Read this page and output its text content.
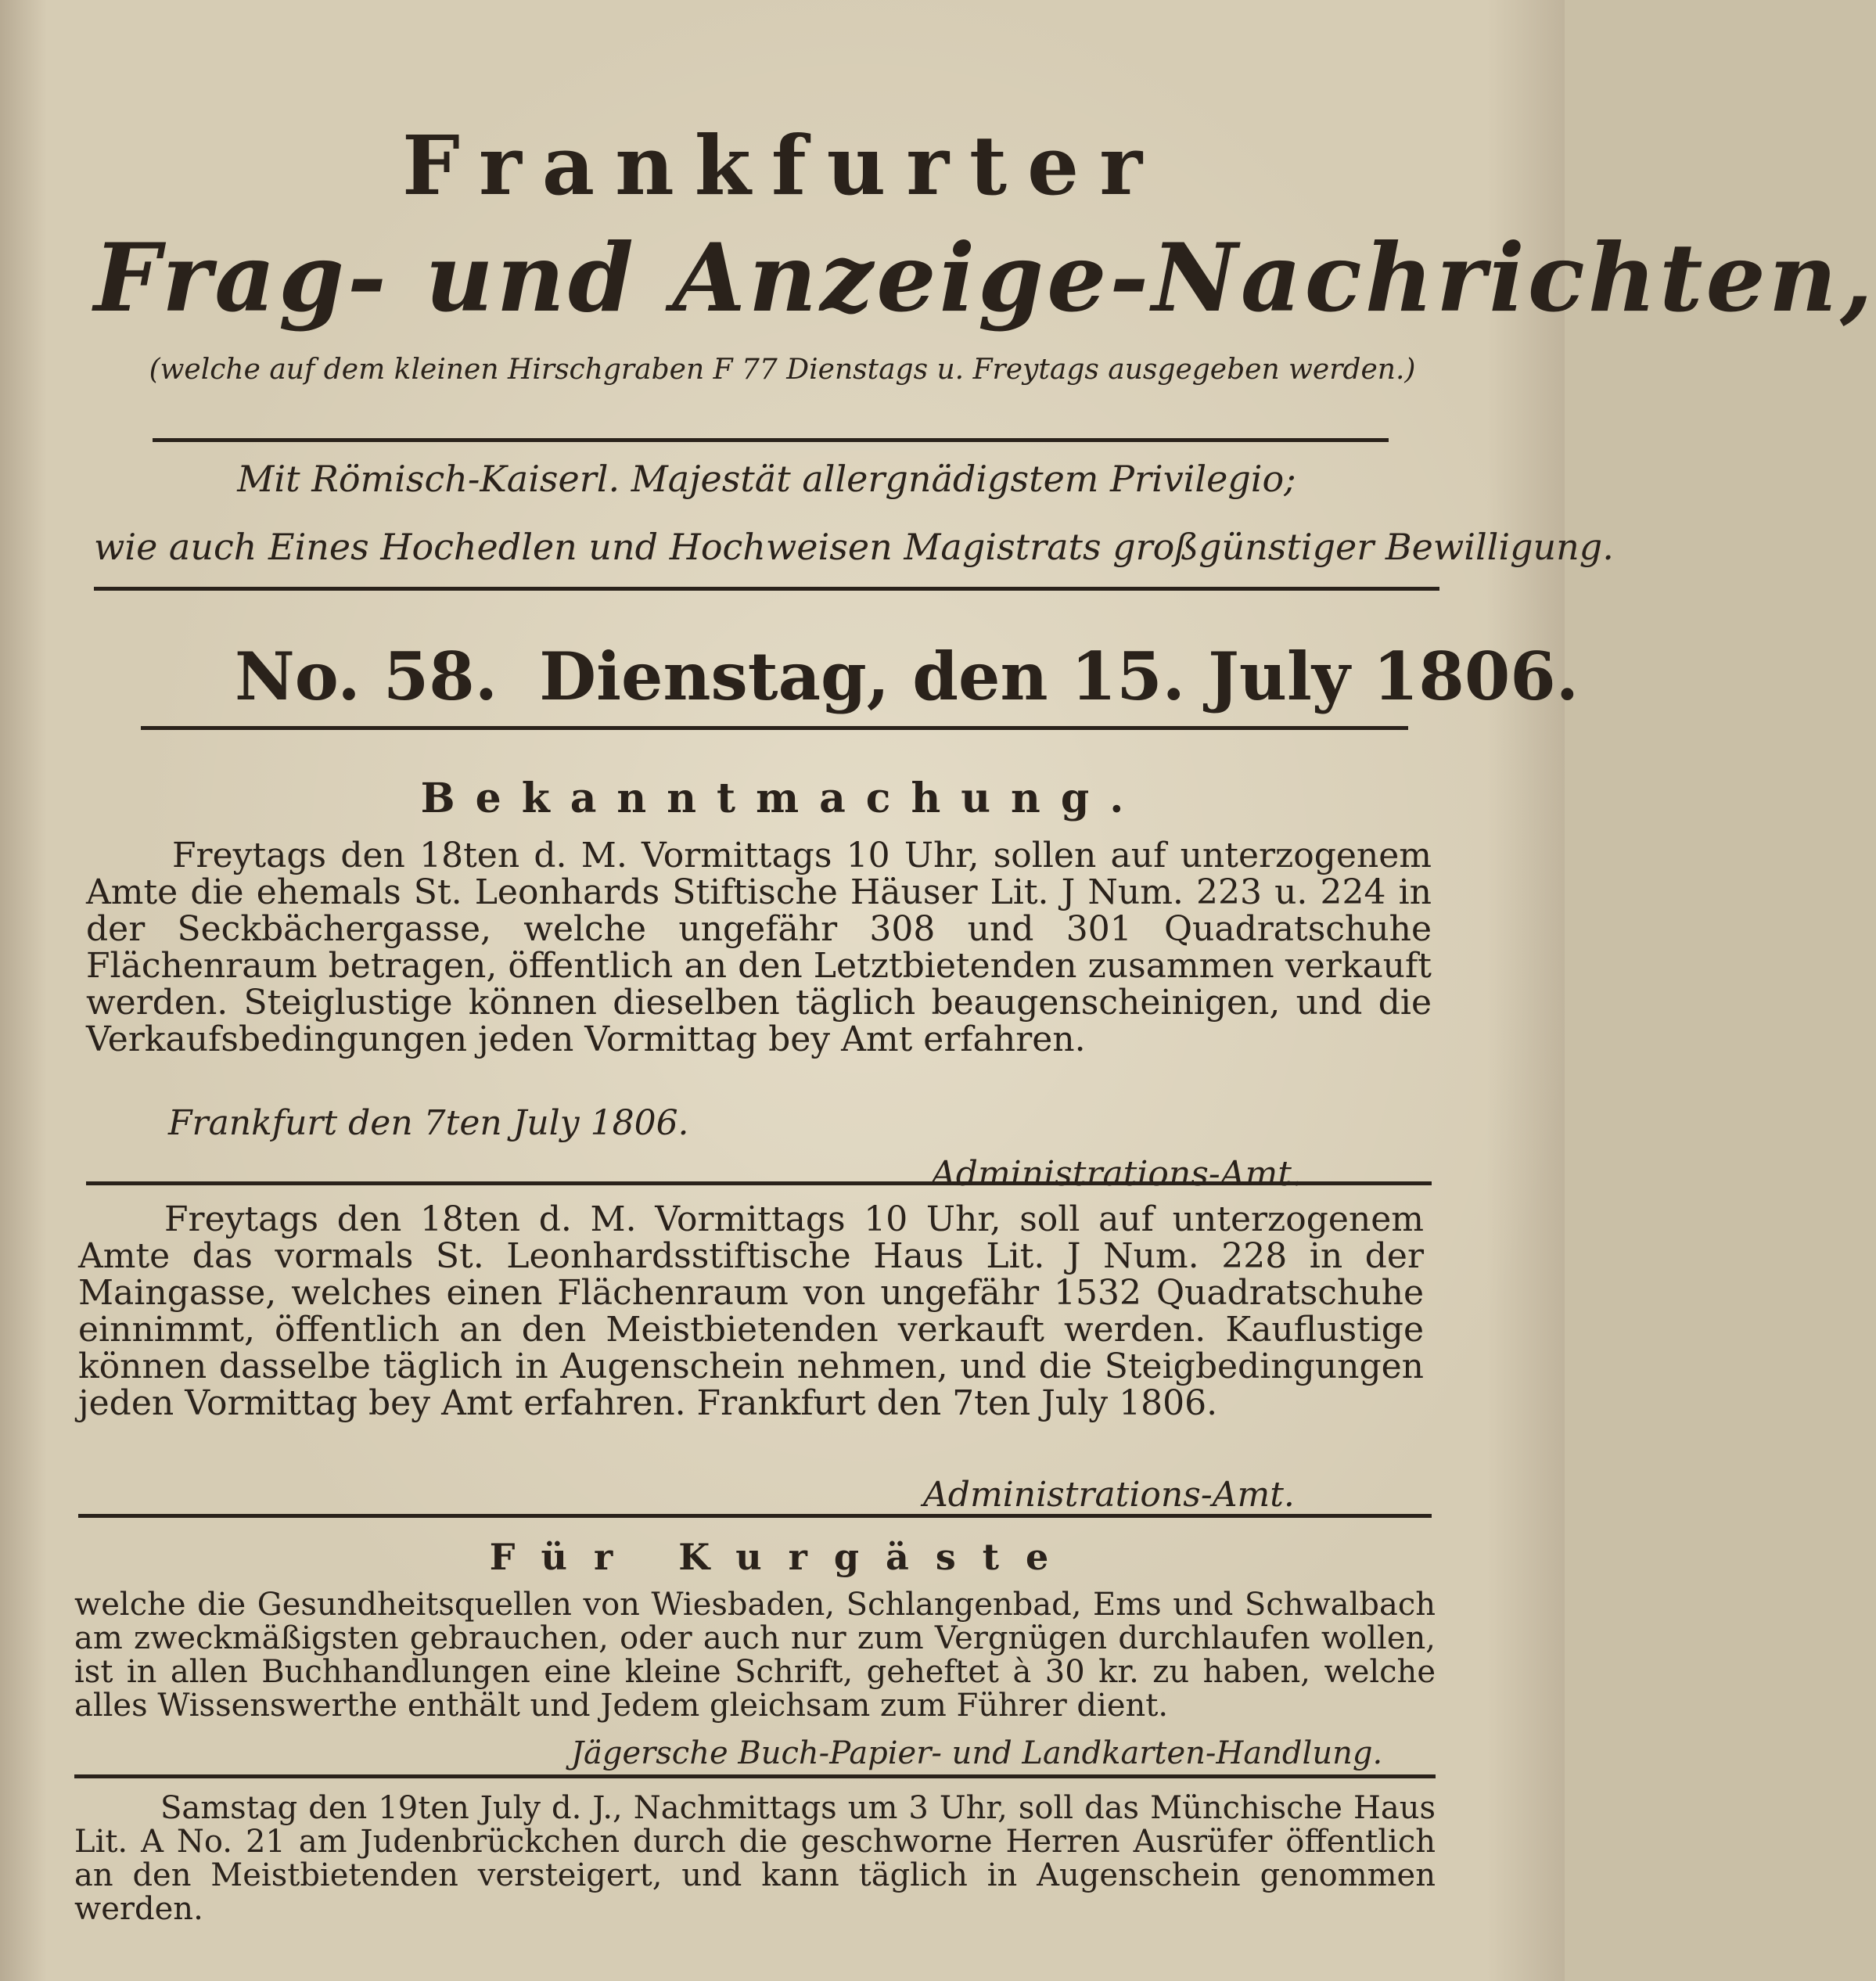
Frankfurter
Frag- und Anzeige-Nachrichten,
(welche auf dem kleinen Hirschgraben F 77 Dienstags u. Freytags ausgegeben werden.)
Mit Römisch-Kaiserl. Majestät allergnädigstem Privilegio;
wie auch Eines Hochedlen und Hochweisen Magistrats großgünstiger Bewilligung.
No. 58. Dienstag, den 15. July 1806.
Bekanntmachung.

Freytags den 18ten d. M. Vormittags 10 Uhr, sollen auf unterzogenem Amte die ehemals St. Leonhards Stiftische Häuser Lit. J Num. 223 u. 224 in der Seckbächergasse, welche ungefähr 308 und 301 Quadratschuhe Flächenraum betragen, öffentlich an den Letztbietenden zusammen verkauft werden. Steiglustige können dieselben täglich beaugenscheinigen, und die Verkaufsbedingungen jeden Vormittag bey Amt erfahren.

Frankfurt den 7ten July 1806.
Administrations-Amt.

Freytags den 18ten d. M. Vormittags 10 Uhr, soll auf unterzogenem Amte das vormals St. Leonhardsstiftische Haus Lit. J Num. 228 in der Maingasse, welches einen Flächenraum von ungefähr 1532 Quadratschuhe einnimmt, öffentlich an den Meistbietenden verkauft werden. Kauflustige können dasselbe täglich in Augenschein nehmen, und die Steigbedingungen jeden Vormittag bey Amt erfahren. Frankfurt den 7ten July 1806.

Administrations-Amt.
Für Kurgäste

welche die Gesundheitsquellen von Wiesbaden, Schlangenbad, Ems und Schwalbach am zweckmäßigsten gebrauchen, oder auch nur zum Vergnügen durchlaufen wollen, ist in allen Buchhandlungen eine kleine Schrift, geheftet à 30 kr. zu haben, welche alles Wissenswerthe enthält und Jedem gleichsam zum Führer dient.

Jägersche Buch-Papier- und Landkarten-Handlung.

Samstag den 19ten July d. J., Nachmittags um 3 Uhr, soll das Münchische Haus Lit. A No. 21 am Judenbrückchen durch die geschworne Herren Ausrüfer öffentlich an den Meistbietenden versteigert, und kann täglich in Augenschein genommen werden.
